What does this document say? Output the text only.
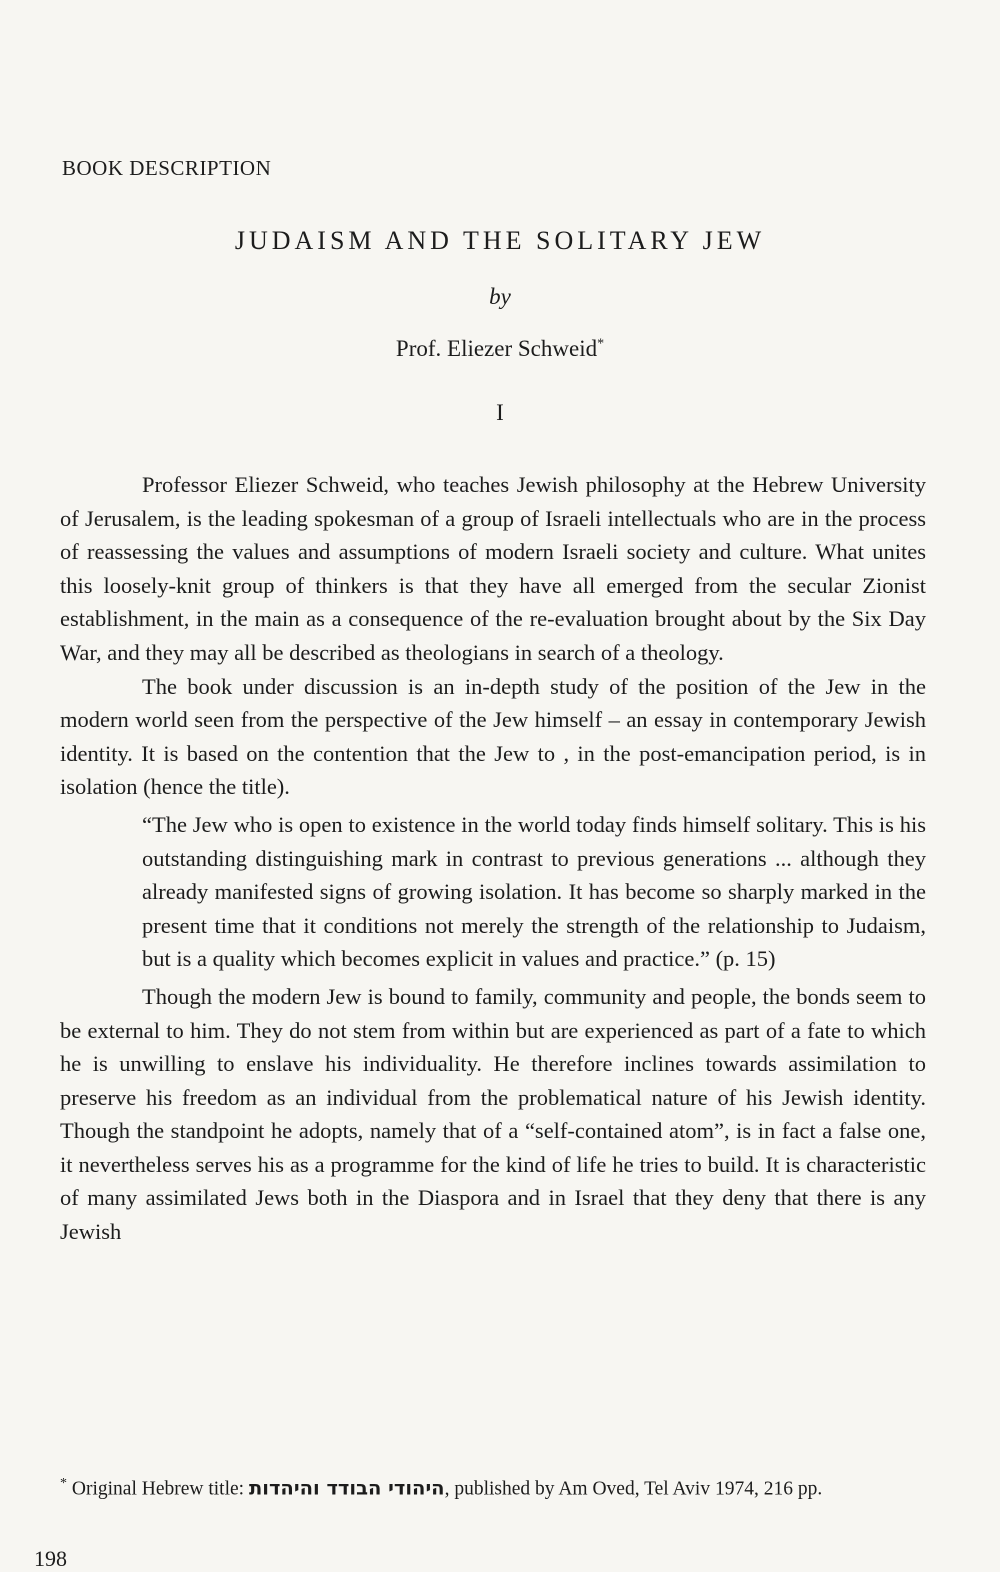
BOOK DESCRIPTION
JUDAISM AND THE SOLITARY JEW
by
Prof. Eliezer Schweid*
I

Professor Eliezer Schweid, who teaches Jewish philosophy at the Hebrew University of Jerusalem, is the leading spokesman of a group of Israeli intellectuals who are in the process of reassessing the values and assumptions of modern Israeli society and culture. What unites this loosely-knit group of thinkers is that they have all emerged from the secular Zionist establishment, in the main as a consequence of the re-evaluation brought about by the Six Day War, and they may all be described as theologians in search of a theology.

The book under discussion is an in-depth study of the position of the Jew in the modern world seen from the perspective of the Jew himself – an essay in contemporary Jewish identity. It is based on the contention that the Jew to , in the post-emancipation period, is in isolation (hence the title).

“The Jew who is open to existence in the world today finds himself solitary. This is his outstanding distinguishing mark in contrast to previous generations ... although they already manifested signs of growing isolation. It has become so sharply marked in the present time that it conditions not merely the strength of the relationship to Judaism, but is a quality which becomes explicit in values and practice.” (p. 15)

Though the modern Jew is bound to family, community and people, the bonds seem to be external to him. They do not stem from within but are experienced as part of a fate to which he is unwilling to enslave his individuality. He therefore inclines towards assimilation to preserve his freedom as an individual from the problematical nature of his Jewish identity. Though the standpoint he adopts, namely that of a “self-contained atom”, is in fact a false one, it nevertheless serves his as a programme for the kind of life he tries to build. It is characteristic of many assimilated Jews both in the Diaspora and in Israel that they deny that there is any Jewish

* Original Hebrew title: היהודי הבודד והיהדות, published by Am Oved, Tel Aviv 1974, 216 pp.
198
